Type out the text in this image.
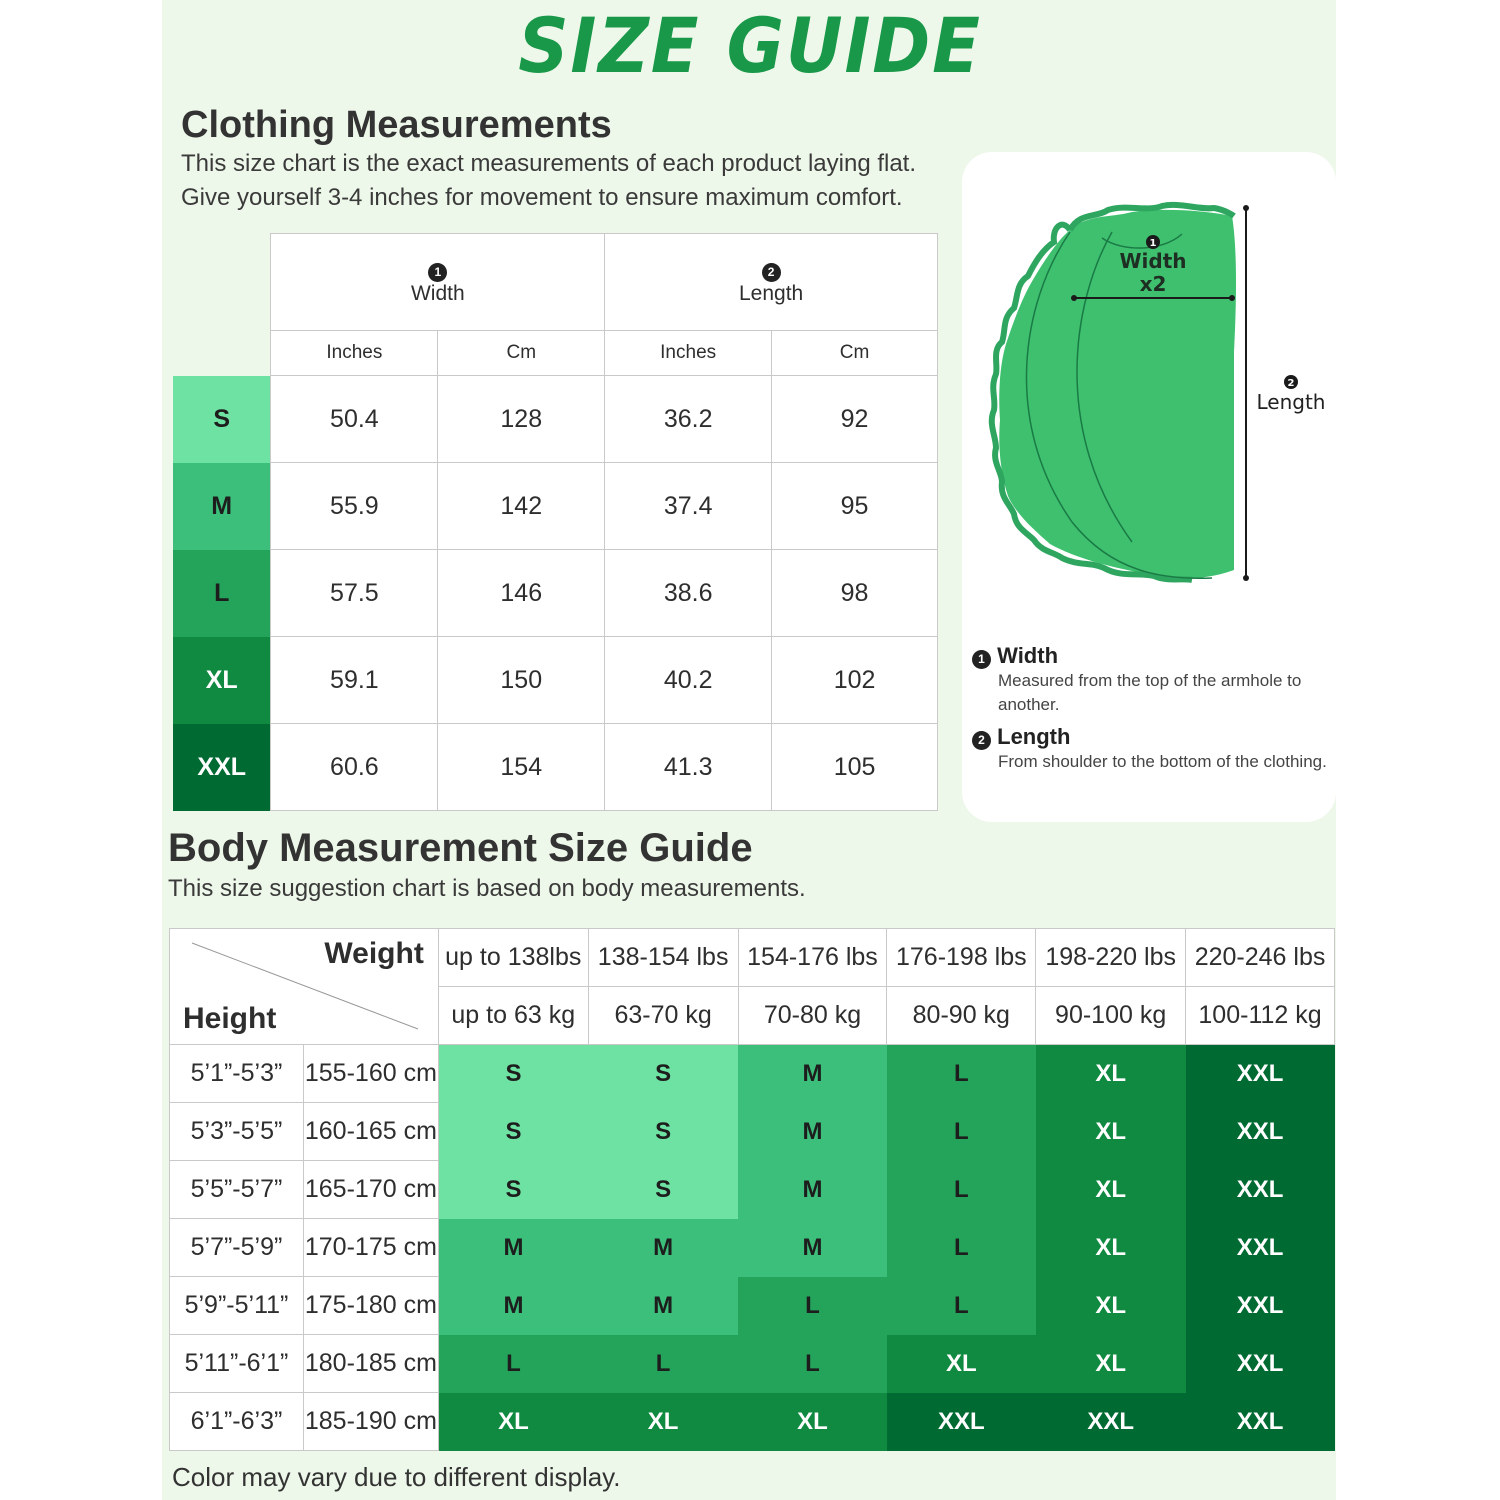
SIZE GUIDE
Clothing Measurements
This size chart is the exact measurements of each product laying flat.
Give yourself 3-4 inches for movement to ensure maximum comfort.
	1
Width		2
Length	
	Inches	Cm	Inches	Cm
S	50.4	128	36.2	92
M	55.9	142	37.4	95
L	57.5	146	38.6	98
XL	59.1	150	40.2	102
XXL	60.6	154	41.3	105
1
Width
x2
2
Length
1 Width
Measured from the top of the armhole to another.
2 Length
From shoulder to the bottom of the clothing.
Body Measurement Size Guide
This size suggestion chart is based on body measurements.
Weight
Height		up to 138lbs	138-154 lbs	154-176 lbs	176-198 lbs	198-220 lbs	220-246 lbs
		up to 63 kg	63-70 kg	70-80 kg	80-90 kg	90-100 kg	100-112 kg
5’1”-5’3”	155-160 cm	S	S	M	L	XL	XXL
5’3”-5’5”	160-165 cm	S	S	M	L	XL	XXL
5’5”-5’7”	165-170 cm	S	S	M	L	XL	XXL
5’7”-5’9”	170-175 cm	M	M	M	L	XL	XXL
5’9”-5’11”	175-180 cm	M	M	L	L	XL	XXL
5’11”-6’1”	180-185 cm	L	L	L	XL	XL	XXL
6’1”-6’3”	185-190 cm	XL	XL	XL	XXL	XXL	XXL
Color may vary due to different display.
